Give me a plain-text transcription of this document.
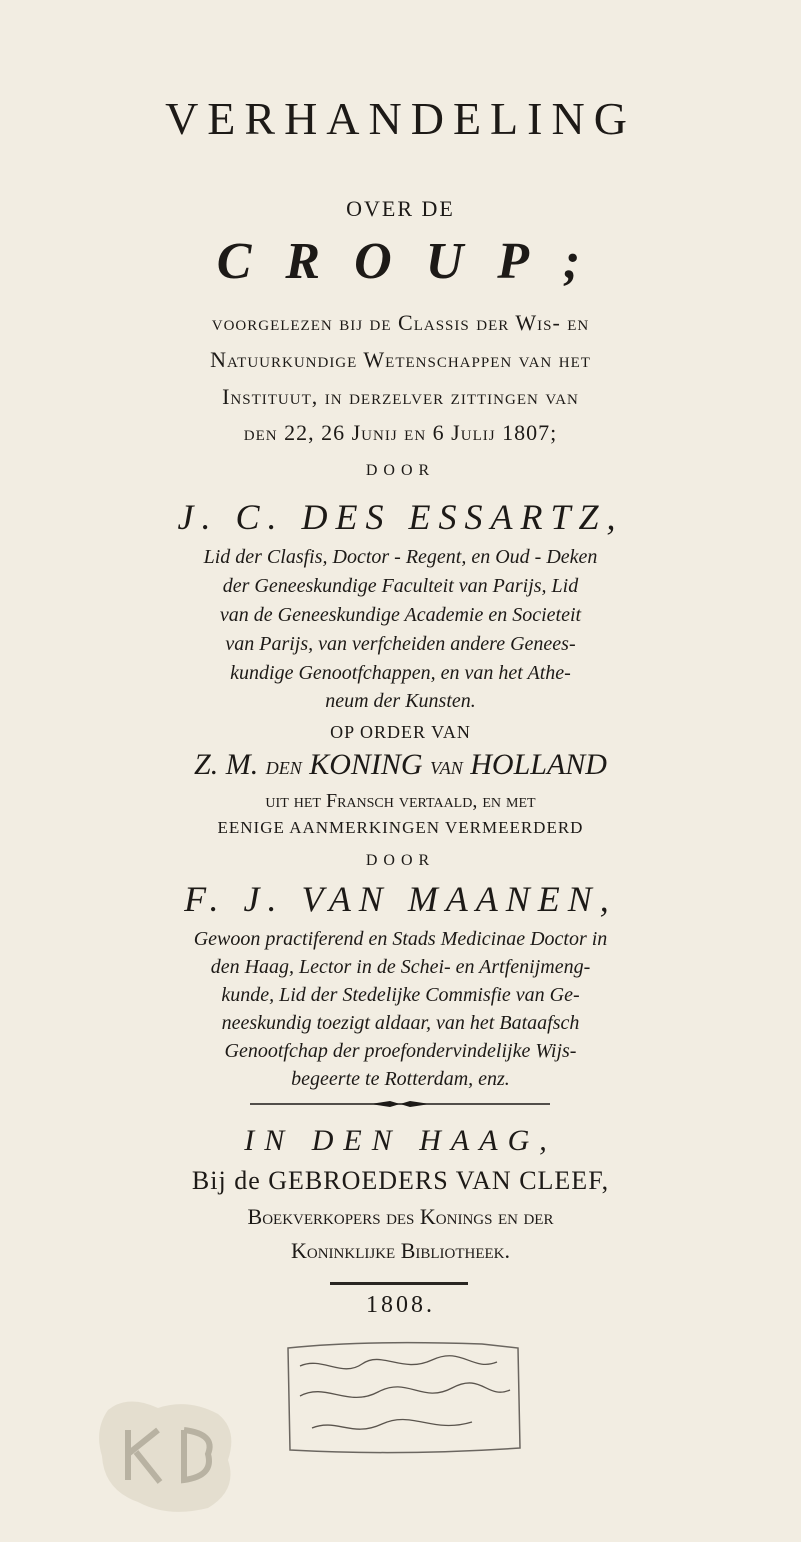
VERHANDELING
OVER DE
CROUP;
voorgelezen bij de Classis der Wis- en
Natuurkundige Wetenschappen van het
Instituut, in derzelver zittingen van
den 22, 26 Junij en 6 Julij 1807;
DOOR
J. C. DES ESSARTZ,
Lid der Clasfis, Doctor - Regent, en Oud - Deken
der Geneeskundige Faculteit van Parijs, Lid
van de Geneeskundige Academie en Societeit
van Parijs, van verfcheiden andere Genees-
kundige Genootfchappen, en van het Athe-
neum der Kunsten.
OP ORDER VAN
Z. M. DEN KONING VAN HOLLAND
uit het Fransch vertaald, en met
EENIGE AANMERKINGEN VERMEERDERD
DOOR
F. J. VAN MAANEN,
Gewoon practiferend en Stads Medicinae Doctor in
den Haag, Lector in de Schei- en Artfenijmeng-
kunde, Lid der Stedelijke Commisfie van Ge-
neeskundig toezigt aldaar, van het Bataafsch
Genootfchap der proefondervindelijke Wijs-
begeerte te Rotterdam, enz.
IN DEN HAAG,
Bij de GEBROEDERS VAN CLEEF,
Boekverkopers des Konings en der
Koninklijke Bibliotheek.
1808.
